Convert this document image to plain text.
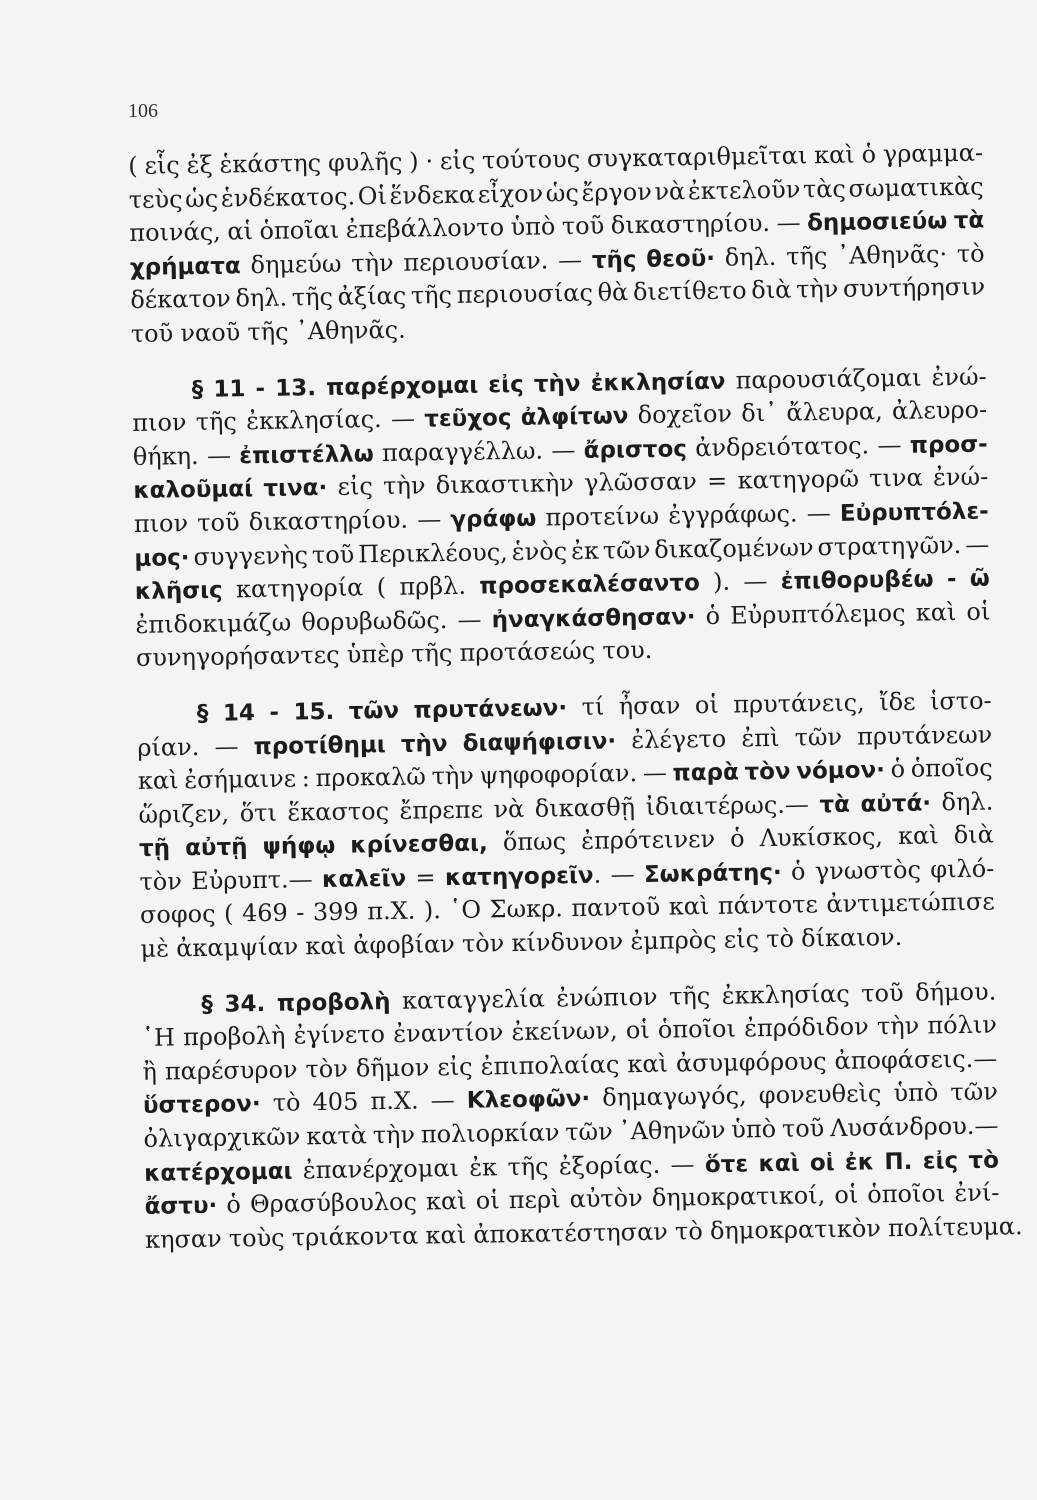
106
( εἷς ἐξ ἑκάστης φυλῆς ) · εἰς τούτους συγκαταριθμεῖται καὶ ὁ γραμμα-
τεὺς ὡς ἑνδέκατος. Οἱ ἕνδεκα εἶχον ὡς ἔργον νὰ ἐκτελοῦν τὰς σωματικὰς
ποινάς, αἱ ὁποῖαι ἐπεβάλλοντο ὑπὸ τοῦ δικαστηρίου. — δημοσιεύω τὰ
χρήματα δημεύω τὴν περιουσίαν. — τῆς θεοῦ· δηλ. τῆς ᾽Αθηνᾶς· τὸ
δέκατον δηλ. τῆς ἀξίας τῆς περιουσίας θὰ διετίθετο διὰ τὴν συντήρησιν
τοῦ ναοῦ τῆς ᾽Αθηνᾶς.
§ 11 - 13. παρέρχομαι εἰς τὴν ἐκκλησίαν παρουσιάζομαι ἐνώ-
πιον τῆς ἐκκλησίας. — τεῦχος ἀλφίτων δοχεῖον δι᾽ ἄλευρα, ἀλευρο-
θήκη. — ἐπιστέλλω παραγγέλλω. — ἄριστος ἀνδρειότατος. — προσ-
καλοῦμαί τινα· εἰς τὴν δικαστικὴν γλῶσσαν = κατηγορῶ τινα ἐνώ-
πιον τοῦ δικαστηρίου. — γράφω προτείνω ἐγγράφως. — Εὐρυπτόλε-
μος· συγγενὴς τοῦ Περικλέους, ἑνὸς ἐκ τῶν δικαζομένων στρατηγῶν. —
κλῆσις κατηγορία ( πρβλ. προσεκαλέσαντο ). — ἐπιθορυβέω - ῶ
ἐπιδοκιμάζω θορυβωδῶς. — ἠναγκάσθησαν· ὁ Εὐρυπτόλεμος καὶ οἱ
συνηγορήσαντες ὑπὲρ τῆς προτάσεώς του.
§ 14 - 15. τῶν πρυτάνεων· τί ἦσαν οἱ πρυτάνεις, ἴδε ἱστο-
ρίαν. — προτίθημι τὴν διαψήφισιν· ἐλέγετο ἐπὶ τῶν πρυτάνεων
καὶ ἐσήμαινε : προκαλῶ τὴν ψηφοφορίαν. — παρὰ τὸν νόμον· ὁ ὁποῖος
ὥριζεν, ὅτι ἕκαστος ἔπρεπε νὰ δικασθῇ ἰδιαιτέρως.— τὰ αὐτά· δηλ.
τῇ αὐτῇ ψήφῳ κρίνεσθαι, ὅπως ἐπρότεινεν ὁ Λυκίσκος, καὶ διὰ
τὸν Εὐρυπτ.— καλεῖν = κατηγορεῖν. — Σωκράτης· ὁ γνωστὸς φιλό-
σοφος ( 469 - 399 π.Χ. ). ῾Ο Σωκρ. παντοῦ καὶ πάντοτε ἀντιμετώπισε
μὲ ἀκαμψίαν καὶ ἀφοβίαν τὸν κίνδυνον ἐμπρὸς εἰς τὸ δίκαιον.
§ 34. προβολὴ καταγγελία ἐνώπιον τῆς ἐκκλησίας τοῦ δήμου.
῾Η προβολὴ ἐγίνετο ἐναντίον ἐκείνων, οἱ ὁποῖοι ἐπρόδιδον τὴν πόλιν
ἢ παρέσυρον τὸν δῆμον εἰς ἐπιπολαίας καὶ ἀσυμφόρους ἀποφάσεις.—
ὕστερον· τὸ 405 π.Χ. — Κλεοφῶν· δημαγωγός, φονευθεὶς ὑπὸ τῶν
ὀλιγαρχικῶν κατὰ τὴν πολιορκίαν τῶν ᾽Αθηνῶν ὑπὸ τοῦ Λυσάνδρου.—
κατέρχομαι ἐπανέρχομαι ἐκ τῆς ἐξορίας. — ὅτε καὶ οἱ ἐκ Π. εἰς τὸ
ἄστυ· ὁ Θρασύβουλος καὶ οἱ περὶ αὐτὸν δημοκρατικοί, οἱ ὁποῖοι ἐνί-
κησαν τοὺς τριάκοντα καὶ ἀποκατέστησαν τὸ δημοκρατικὸν πολίτευμα.
